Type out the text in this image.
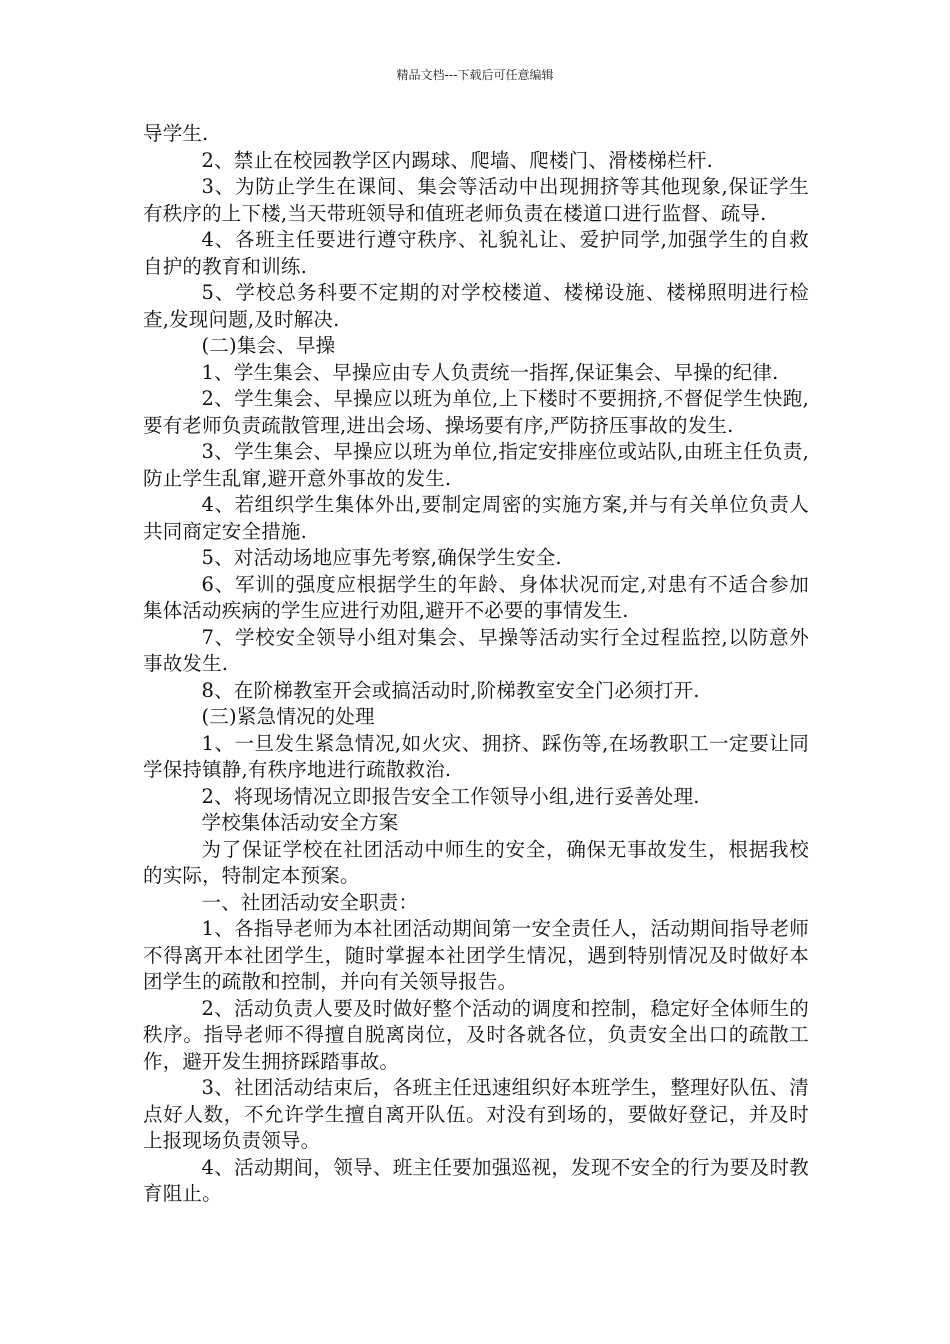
精品文档---下载后可任意编辑

导学生.

2、禁止在校园教学区内踢球、爬墙、爬楼门、滑楼梯栏杆.

3、为防止学生在课间、集会等活动中出现拥挤等其他现象,保证学生有秩序的上下楼,当天带班领导和值班老师负责在楼道口进行监督、疏导.

4、各班主任要进行遵守秩序、礼貌礼让、爱护同学,加强学生的自救自护的教育和训练.

5、学校总务科要不定期的对学校楼道、楼梯设施、楼梯照明进行检查,发现问题,及时解决.

(二)集会、早操

1、学生集会、早操应由专人负责统一指挥,保证集会、早操的纪律.

2、学生集会、早操应以班为单位,上下楼时不要拥挤,不督促学生快跑,要有老师负责疏散管理,进出会场、操场要有序,严防挤压事故的发生.

3、学生集会、早操应以班为单位,指定安排座位或站队,由班主任负责,防止学生乱窜,避开意外事故的发生.

4、若组织学生集体外出,要制定周密的实施方案,并与有关单位负责人共同商定安全措施.

5、对活动场地应事先考察,确保学生安全.

6、军训的强度应根据学生的年龄、身体状况而定,对患有不适合参加集体活动疾病的学生应进行劝阻,避开不必要的事情发生.

7、学校安全领导小组对集会、早操等活动实行全过程监控,以防意外事故发生.

8、在阶梯教室开会或搞活动时,阶梯教室安全门必须打开.

(三)紧急情况的处理

1、一旦发生紧急情况,如火灾、拥挤、踩伤等,在场教职工一定要让同学保持镇静,有秩序地进行疏散救治.

2、将现场情况立即报告安全工作领导小组,进行妥善处理.

学校集体活动安全方案

为了保证学校在社团活动中师生的安全，确保无事故发生，根据我校的实际，特制定本预案。

一、社团活动安全职责：

1、各指导老师为本社团活动期间第一安全责任人，活动期间指导老师不得离开本社团学生，随时掌握本社团学生情况，遇到特别情况及时做好本团学生的疏散和控制，并向有关领导报告。

2、活动负责人要及时做好整个活动的调度和控制，稳定好全体师生的秩序。指导老师不得擅自脱离岗位，及时各就各位，负责安全出口的疏散工作，避开发生拥挤踩踏事故。

3、社团活动结束后，各班主任迅速组织好本班学生，整理好队伍、清点好人数，不允许学生擅自离开队伍。对没有到场的，要做好登记，并及时上报现场负责领导。

4、活动期间，领导、班主任要加强巡视，发现不安全的行为要及时教育阻止。
